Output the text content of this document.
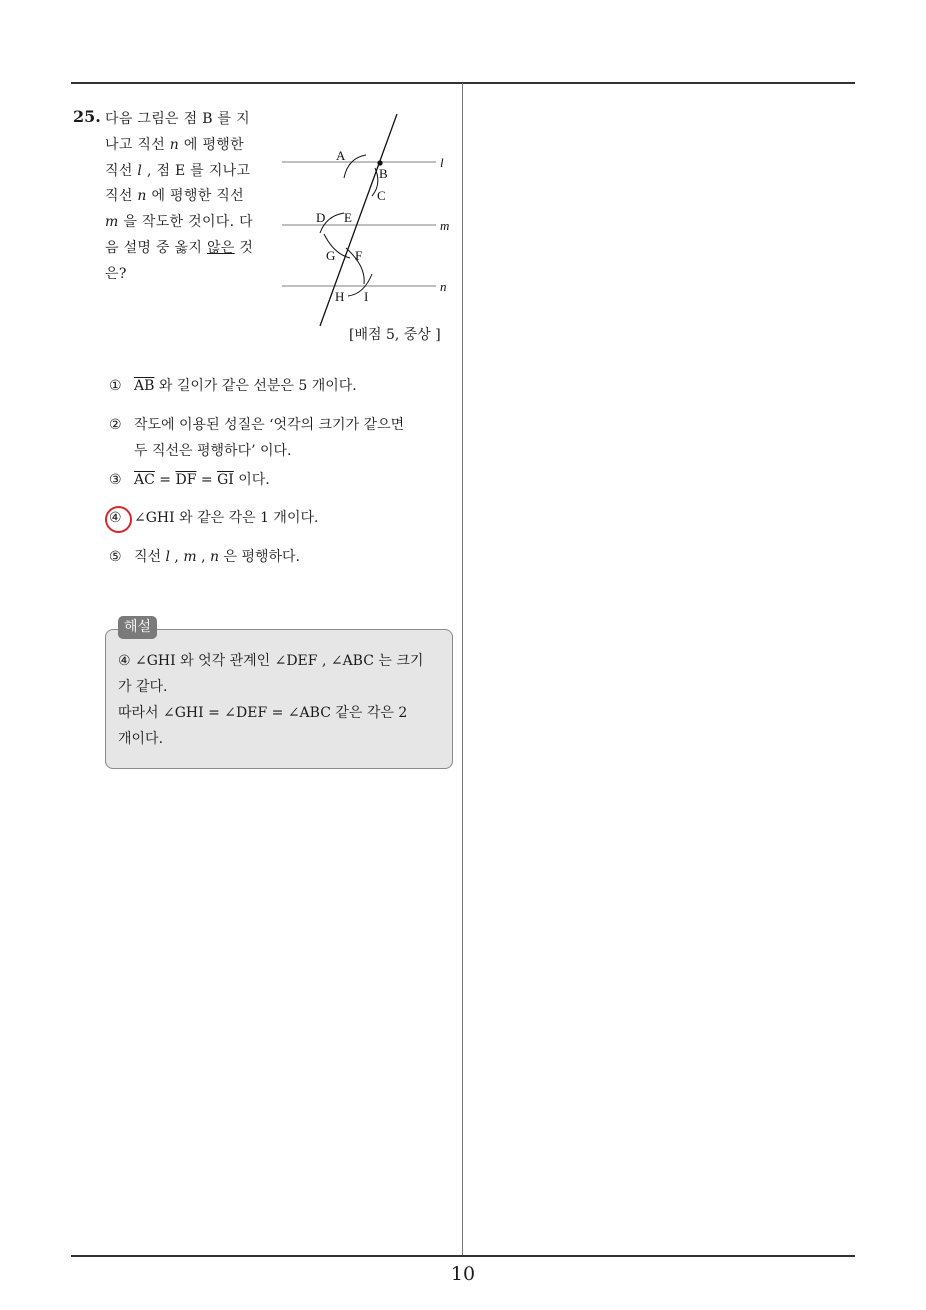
25. 다음 그림은 점 B 를 지
나고 직선 n 에 평행한
직선 l , 점 E 를 지나고
직선 n 에 평행한 직선
m 을 작도한 것이다. 다
음 설명 중 옳지 않은 것
은?
l
m
n
A
B
C
D E
G F
H I
[배점 5, 중상 ]
① $\overline{AB}$ 와 길이가 같은 선분은 5 개이다.
② 작도에 이용된 성질은 ‘엇각의 크기가 같으면
두 직선은 평행하다’ 이다.
③ $\overline{AC} = \overline{DF} = \overline{GI}$ 이다.
④ ∠GHI 와 같은 각은 1 개이다.
⑤ 직선 l , m , n 은 평행하다.
해설
④ ∠GHI 와 엇각 관계인 ∠DEF , ∠ABC 는 크기
가 같다.
따라서 ∠GHI = ∠DEF = ∠ABC 같은 각은 2
개이다.
10
